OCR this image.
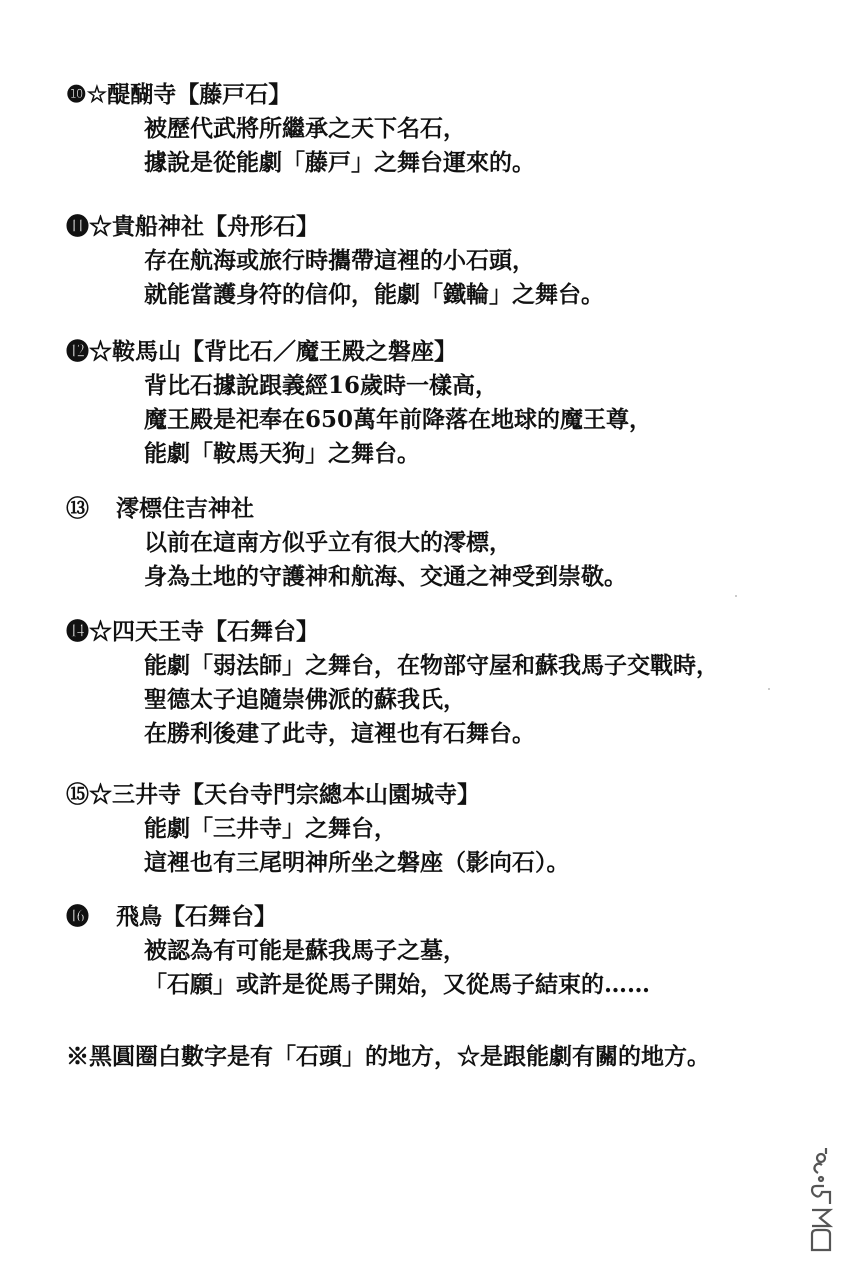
❿☆醍醐寺【藤戸石】
被歷代武將所繼承之天下名石，
據說是從能劇「藤戸」之舞台運來的。
⓫☆貴船神社【舟形石】
存在航海或旅行時攜帶這裡的小石頭，
就能當護身符的信仰，能劇「鐵輪」之舞台。
⓬☆鞍馬山【背比石／魔王殿之磐座】
背比石據說跟義經16歲時一樣高，
魔王殿是祀奉在650萬年前降落在地球的魔王尊，
能劇「鞍馬天狗」之舞台。
⑬ 澪標住吉神社
以前在這南方似乎立有很大的澪標，
身為土地的守護神和航海、交通之神受到崇敬。
⓮☆四天王寺【石舞台】
能劇「弱法師」之舞台，在物部守屋和蘇我馬子交戰時，
聖德太子追隨崇佛派的蘇我氏，
在勝利後建了此寺，這裡也有石舞台。
⑮☆三井寺【天台寺門宗總本山園城寺】
能劇「三井寺」之舞台，
這裡也有三尾明神所坐之磐座（影向石）。
⓰ 飛鳥【石舞台】
被認為有可能是蘇我馬子之墓，
「石願」或許是從馬子開始，又從馬子結束的……
※黑圓圈白數字是有「石頭」的地方，☆是跟能劇有關的地方。
